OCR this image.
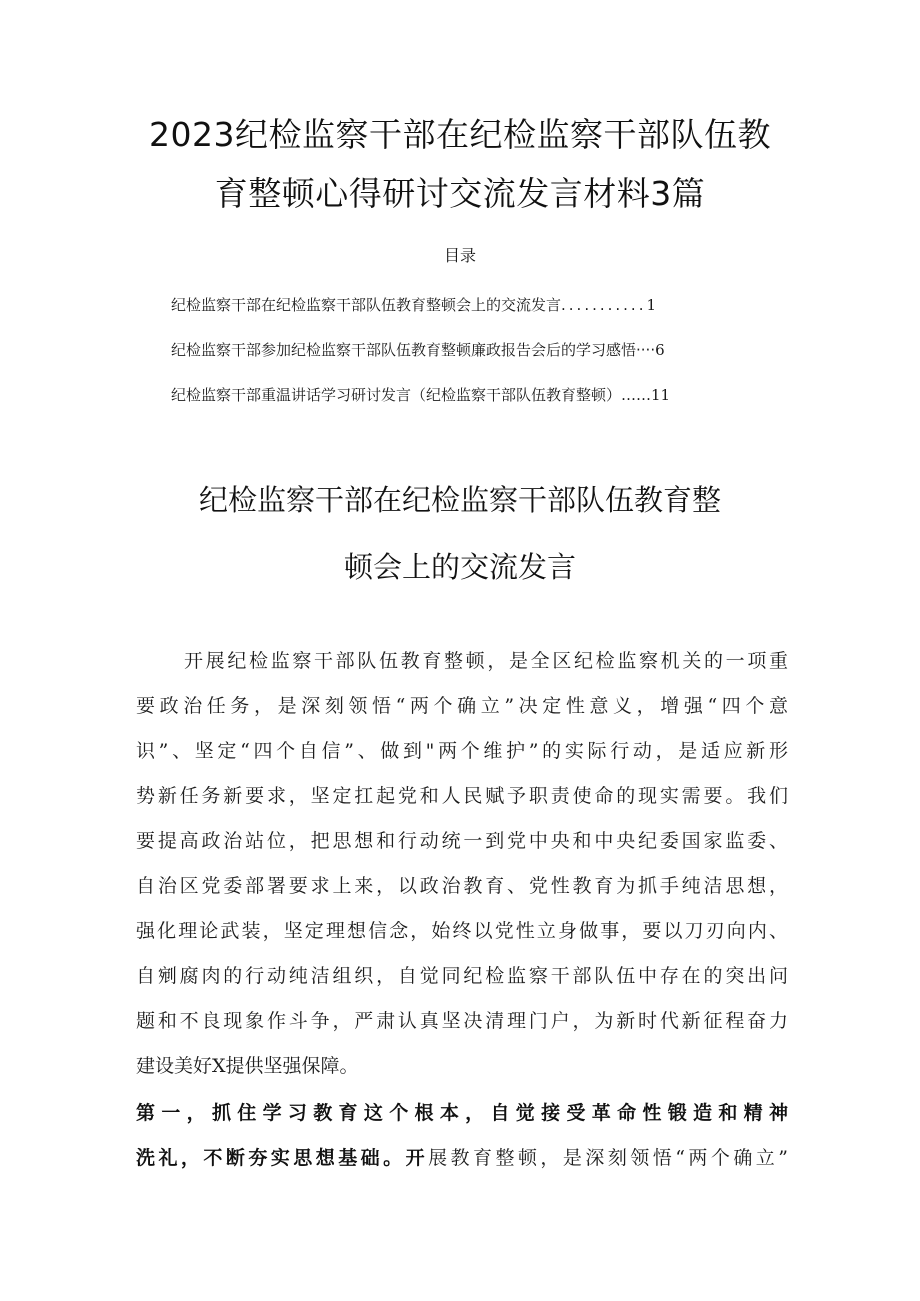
2023纪检监察干部在纪检监察干部队伍教
育整顿心得研讨交流发言材料3篇
目录
纪检监察干部在纪检监察干部队伍教育整顿会上的交流发言...........1
纪检监察干部参加纪检监察干部队伍教育整顿廉政报告会后的学习感悟····6
纪检监察干部重温讲话学习研讨发言（纪检监察干部队伍教育整顿）……11
纪检监察干部在纪检监察干部队伍教育整
顿会上的交流发言

开展纪检监察干部队伍教育整顿，是全区纪检监察机关的一项重

要政治任务，是深刻领悟“两个确立”决定性意义，增强“四个意

识”、坚定“四个自信”、做到"两个维护”的实际行动，是适应新形

势新任务新要求，坚定扛起党和人民赋予职责使命的现实需要。我们

要提高政治站位，把思想和行动统一到党中央和中央纪委国家监委、

自治区党委部署要求上来，以政治教育、党性教育为抓手纯洁思想，

强化理论武装，坚定理想信念，始终以党性立身做事，要以刀刃向内、

自剜腐肉的行动纯洁组织，自觉同纪检监察干部队伍中存在的突出问

题和不良现象作斗争，严肃认真坚决清理门户，为新时代新征程奋力

建设美好X提供坚强保障。

第一，抓住学习教育这个根本，自觉接受革命性锻造和精神

洗礼，不断夯实思想基础。开展教育整顿，是深刻领悟“两个确立”
